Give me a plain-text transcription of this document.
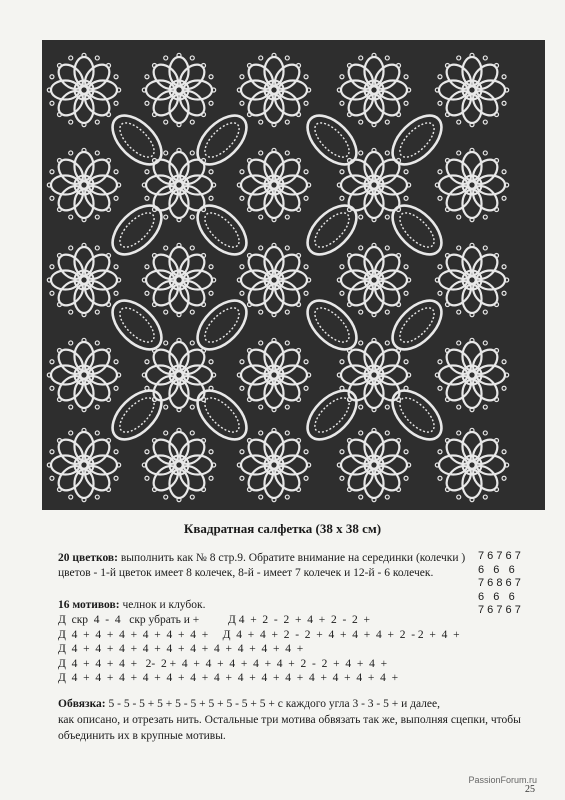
Квадратная салфетка (38 х 38 см)
20 цветков: выполнить как № 8 стр.9. Обратите внимание на серединки (колечки )
цветов - 1-й цветок имеет 8 колечек, 8-й - имеет 7 колечек и 12-й - 6 колечек.
7 6 7 6 7
6   6   6
7 6 8 6 7
6   6   6
7 6 7 6 7
16 мотивов: челнок и клубок.
Д  скр  4  -  4   скр убрать и +          Д 4  +  2  -  2  +  4  +  2  -  2  +
Д  4  +  4  +  4  +  4  +  4  +  4  +     Д  4  +  4  +  2  -  2  +  4  +  4  +  4  +  2  - 2  +  4  +
Д  4  +  4  +  4  +  4  +  4  +  4  +  4  +  4  +  4  +  4  +
Д  4  +  4  +  4  +   2-  2 +  4  +  4  +  4  +  4  +  4  +  2  -  2  +  4  +  4  +
Д  4  +  4  +  4  +  4  +  4  +  4  +  4  +  4  +  4  +  4  +  4  +  4  +  4  +  4  +
Обвязка: 5 - 5 - 5 + 5 + 5 - 5 + 5 + 5 - 5 + 5 + с каждого угла 3 - 3 - 5 + и далее,
как описано, и отрезать нить. Остальные три мотива обвязать так же, выполняя сцепки, чтобы
объединить их в крупные мотивы.
PassionForum.ru
25
